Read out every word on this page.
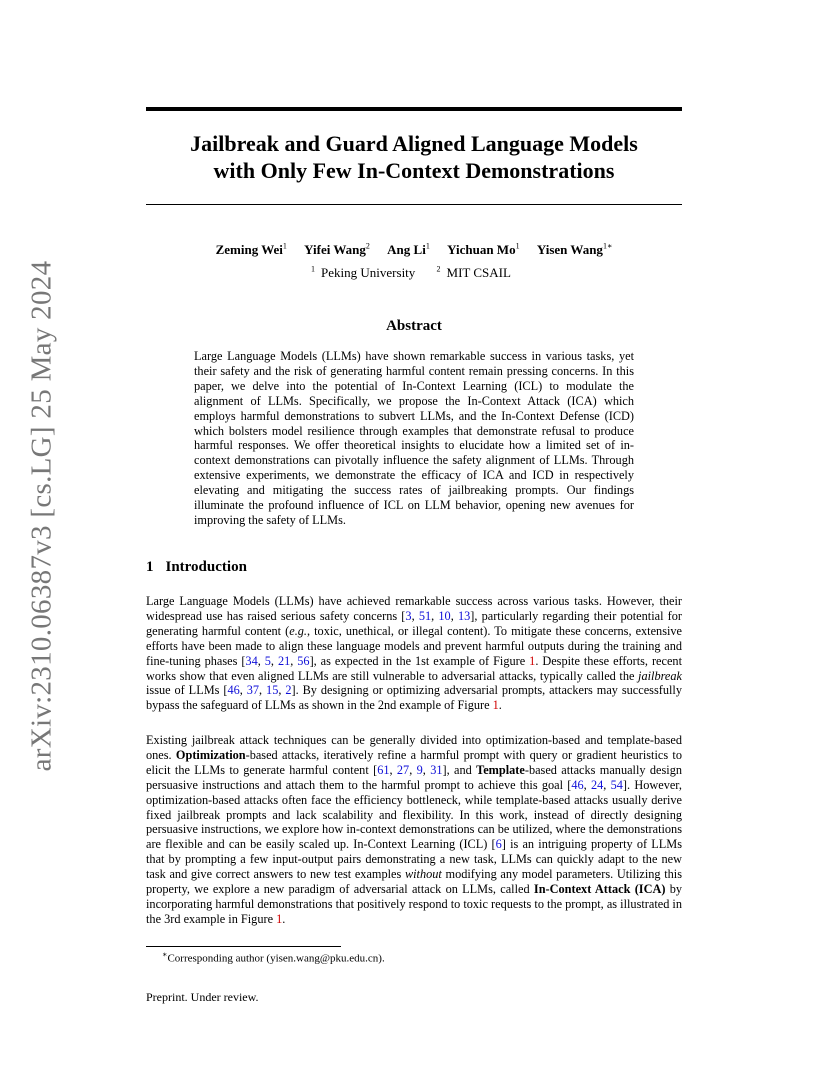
arXiv:2310.06387v3 [cs.LG] 25 May 2024
Jailbreak and Guard Aligned Language Models
with Only Few In-Context Demonstrations
Zeming Wei$^1$ Yifei Wang$^2$ Ang Li$^1$ Yichuan Mo$^1$ Yisen Wang$^{1∗}$
$^1$ Peking University	$^2$ MIT CSAIL
Abstract
Large Language Models (LLMs) have shown remarkable success in various tasks, yet their safety and the risk of generating harmful content remain pressing concerns. In this paper, we delve into the potential of In-Context Learning (ICL) to modulate the alignment of LLMs. Specifically, we propose the In-Context Attack (ICA) which employs harmful demonstrations to subvert LLMs, and the In-Context Defense (ICD) which bolsters model resilience through examples that demonstrate refusal to produce harmful responses. We offer theoretical insights to elucidate how a limited set of in-context demonstrations can pivotally influence the safety alignment of LLMs. Through extensive experiments, we demonstrate the efficacy of ICA and ICD in respectively elevating and mitigating the success rates of jailbreaking prompts. Our findings illuminate the profound influence of ICL on LLM behavior, opening new avenues for improving the safety of LLMs.
1 Introduction

Large Language Models (LLMs) have achieved remarkable success across various tasks. However, their widespread use has raised serious safety concerns [3, 51, 10, 13], particularly regarding their potential for generating harmful content (e.g., toxic, unethical, or illegal content). To mitigate these concerns, extensive efforts have been made to align these language models and prevent harmful outputs during the training and fine-tuning phases [34, 5, 21, 56], as expected in the 1st example of Figure 1. Despite these efforts, recent works show that even aligned LLMs are still vulnerable to adversarial attacks, typically called the jailbreak issue of LLMs [46, 37, 15, 2]. By designing or optimizing adversarial prompts, attackers may successfully bypass the safeguard of LLMs as shown in the 2nd example of Figure 1.

Existing jailbreak attack techniques can be generally divided into optimization-based and template-based ones. Optimization-based attacks, iteratively refine a harmful prompt with query or gradient heuristics to elicit the LLMs to generate harmful content [61, 27, 9, 31], and Template-based attacks manually design persuasive instructions and attach them to the harmful prompt to achieve this goal [46, 24, 54]. However, optimization-based attacks often face the efficiency bottleneck, while template-based attacks usually derive fixed jailbreak prompts and lack scalability and flexibility. In this work, instead of directly designing persuasive instructions, we explore how in-context demonstrations can be utilized, where the demonstrations are flexible and can be easily scaled up. In-Context Learning (ICL) [6] is an intriguing property of LLMs that by prompting a few input-output pairs demonstrating a new task, LLMs can quickly adapt to the new task and give correct answers to new test examples without modifying any model parameters. Utilizing this property, we explore a new paradigm of adversarial attack on LLMs, called In-Context Attack (ICA) by incorporating harmful demonstrations that positively respond to toxic requests to the prompt, as illustrated in the 3rd example in Figure 1.

∗Corresponding author (yisen.wang@pku.edu.cn).
Preprint. Under review.
